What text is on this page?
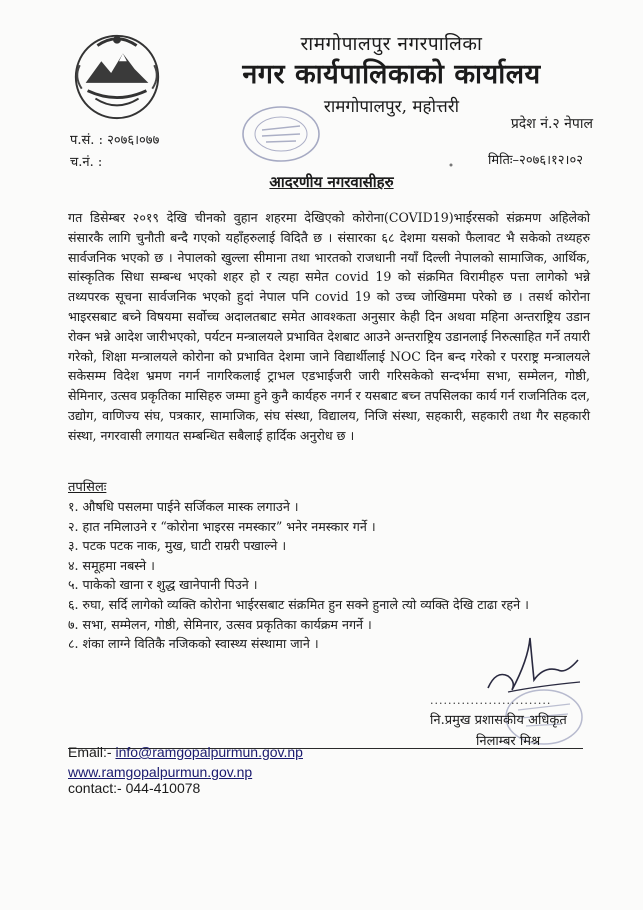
रामगोपालपुर नगरपालिका
नगर कार्यपालिकाको कार्यालय
रामगोपालपुर, महोत्तरी
प्रदेश नं.२ नेपाल
प.सं. : २०७६।०७७
च.नं. :	मितिः–२०७६।१२।०२
आदरणीय नगरवासीहरु
गत डिसेम्बर २०१९ देखि चीनको वुहान शहरमा देखिएको कोरोना(COVID19)भाईरसको संक्रमण अहिलेको संसारकै लागि चुनौती बन्दै गएको यहाँहरुलाई विदितै छ । संसारका ६८ देशमा यसको फैलावट भै सकेको तथ्यहरु सार्वजनिक भएको छ । नेपालको खुल्ला सीमाना तथा भारतको राजधानी नयाँ दिल्ली नेपालको सामाजिक, आर्थिक, सांस्कृतिक सिधा सम्बन्ध भएको शहर हो र त्यहा समेत covid 19 को संक्रमित विरामीहरु पत्ता लागेको भन्ने तथ्यपरक सूचना सार्वजनिक भएको हुदां नेपाल पनि covid 19 को उच्च जोखिममा परेको छ । तसर्थ कोरोना भाइरसबाट बच्ने विषयमा सर्वोच्च अदालतबाट समेत आवश्कता अनुसार केही दिन अथवा महिना अन्तराष्ट्रिय उडान रोक्न भन्ने आदेश जारीभएको, पर्यटन मन्त्रालयले प्रभावित देशबाट आउने अन्तराष्ट्रिय उडानलाई निरुत्साहित गर्ने तयारी गरेको, शिक्षा मन्त्रालयले कोरोना को प्रभावित देशमा जाने विद्यार्थीलाई NOC दिन बन्द गरेको र परराष्ट्र मन्त्रालयले सकेसम्म विदेश भ्रमण नगर्न नागरिकलाई ट्राभल एडभाईजरी जारी गरिसकेको सन्दर्भमा सभा, सम्मेलन, गोष्ठी, सेमिनार, उत्सव प्रकृतिका मासिहरु जम्मा हुने कुनै कार्यहरु नगर्न र यसबाट बच्न तपसिलका कार्य गर्न राजनितिक दल, उद्योग, वाणिज्य संघ, पत्रकार, सामाजिक, संघ संस्था, विद्यालय, निजि संस्था, सहकारी, सहकारी तथा गैर सहकारी संस्था, नगरवासी लगायत सम्बन्धित सबैलाई हार्दिक अनुरोध छ ।
तपसिलः
१. औषधि पसलमा पाईने सर्जिकल मास्क लगाउने ।
२. हात नमिलाउने र “कोरोना भाइरस नमस्कार” भनेर नमस्कार गर्ने ।
३. पटक पटक नाक, मुख, घाटी राम्ररी पखाल्ने ।
४. समूहमा नबस्ने ।
५. पाकेको खाना र शुद्ध खानेपानी पिउने ।
६. रुघा, सर्दि लागेको व्यक्ति कोरोना भाईरसबाट संक्रमित हुन सक्ने हुनाले त्यो व्यक्ति देखि टाढा रहने ।
७. सभा, सम्मेलन, गोष्ठी, सेमिनार, उत्सव प्रकृतिका कार्यक्रम नगर्ने ।
८. शंका लाग्ने वितिकै नजिकको स्वास्थ्य संस्थामा जाने ।
...........................
नि.प्रमुख प्रशासकीय अधिकृत
निलाम्बर मिश्र
Email:- info@ramgopalpurmun.gov.np
www.ramgopalpurmun.gov.np
contact:- 044-410078
